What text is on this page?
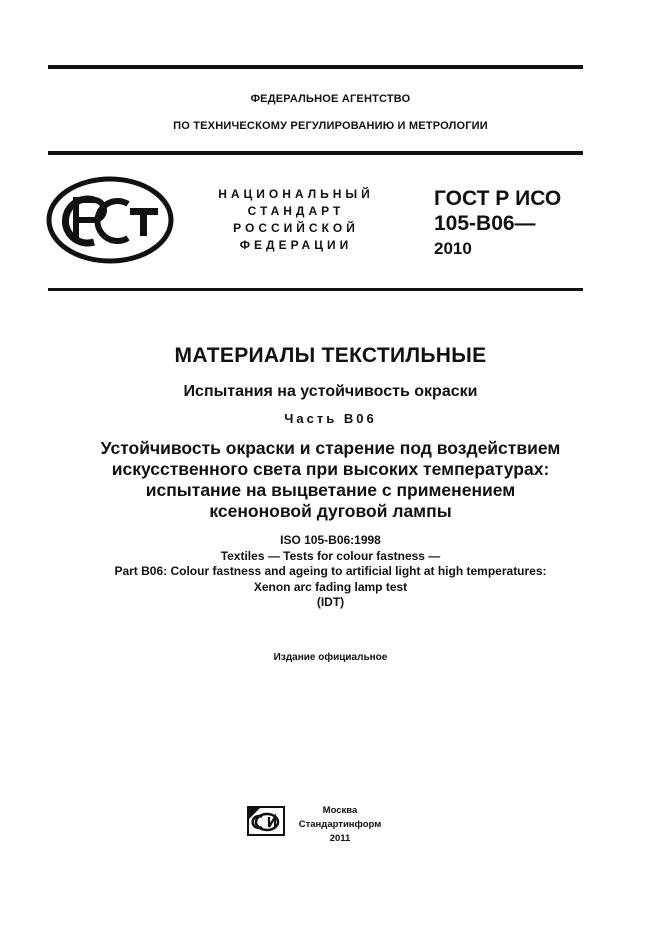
ФЕДЕРАЛЬНОЕ АГЕНТСТВО
ПО ТЕХНИЧЕСКОМУ РЕГУЛИРОВАНИЮ И МЕТРОЛОГИИ
НАЦИОНАЛЬНЫЙ
СТАНДАРТ
РОССИЙСКОЙ
ФЕДЕРАЦИИ
ГОСТ Р ИСО
105-B06—
2010
МАТЕРИАЛЫ ТЕКСТИЛЬНЫЕ
Испытания на устойчивость окраски
Часть B06
Устойчивость окраски и старение под воздействием
искусственного света при высоких температурах:
испытание на выцветание с применением
ксеноновой дуговой лампы
ISO 105-B06:1998
Textiles — Tests for colour fastness —
Part B06: Colour fastness and ageing to artificial light at high temperatures:
Xenon arc fading lamp test
(IDT)
Издание официальное
Москва
Стандартинформ
2011
